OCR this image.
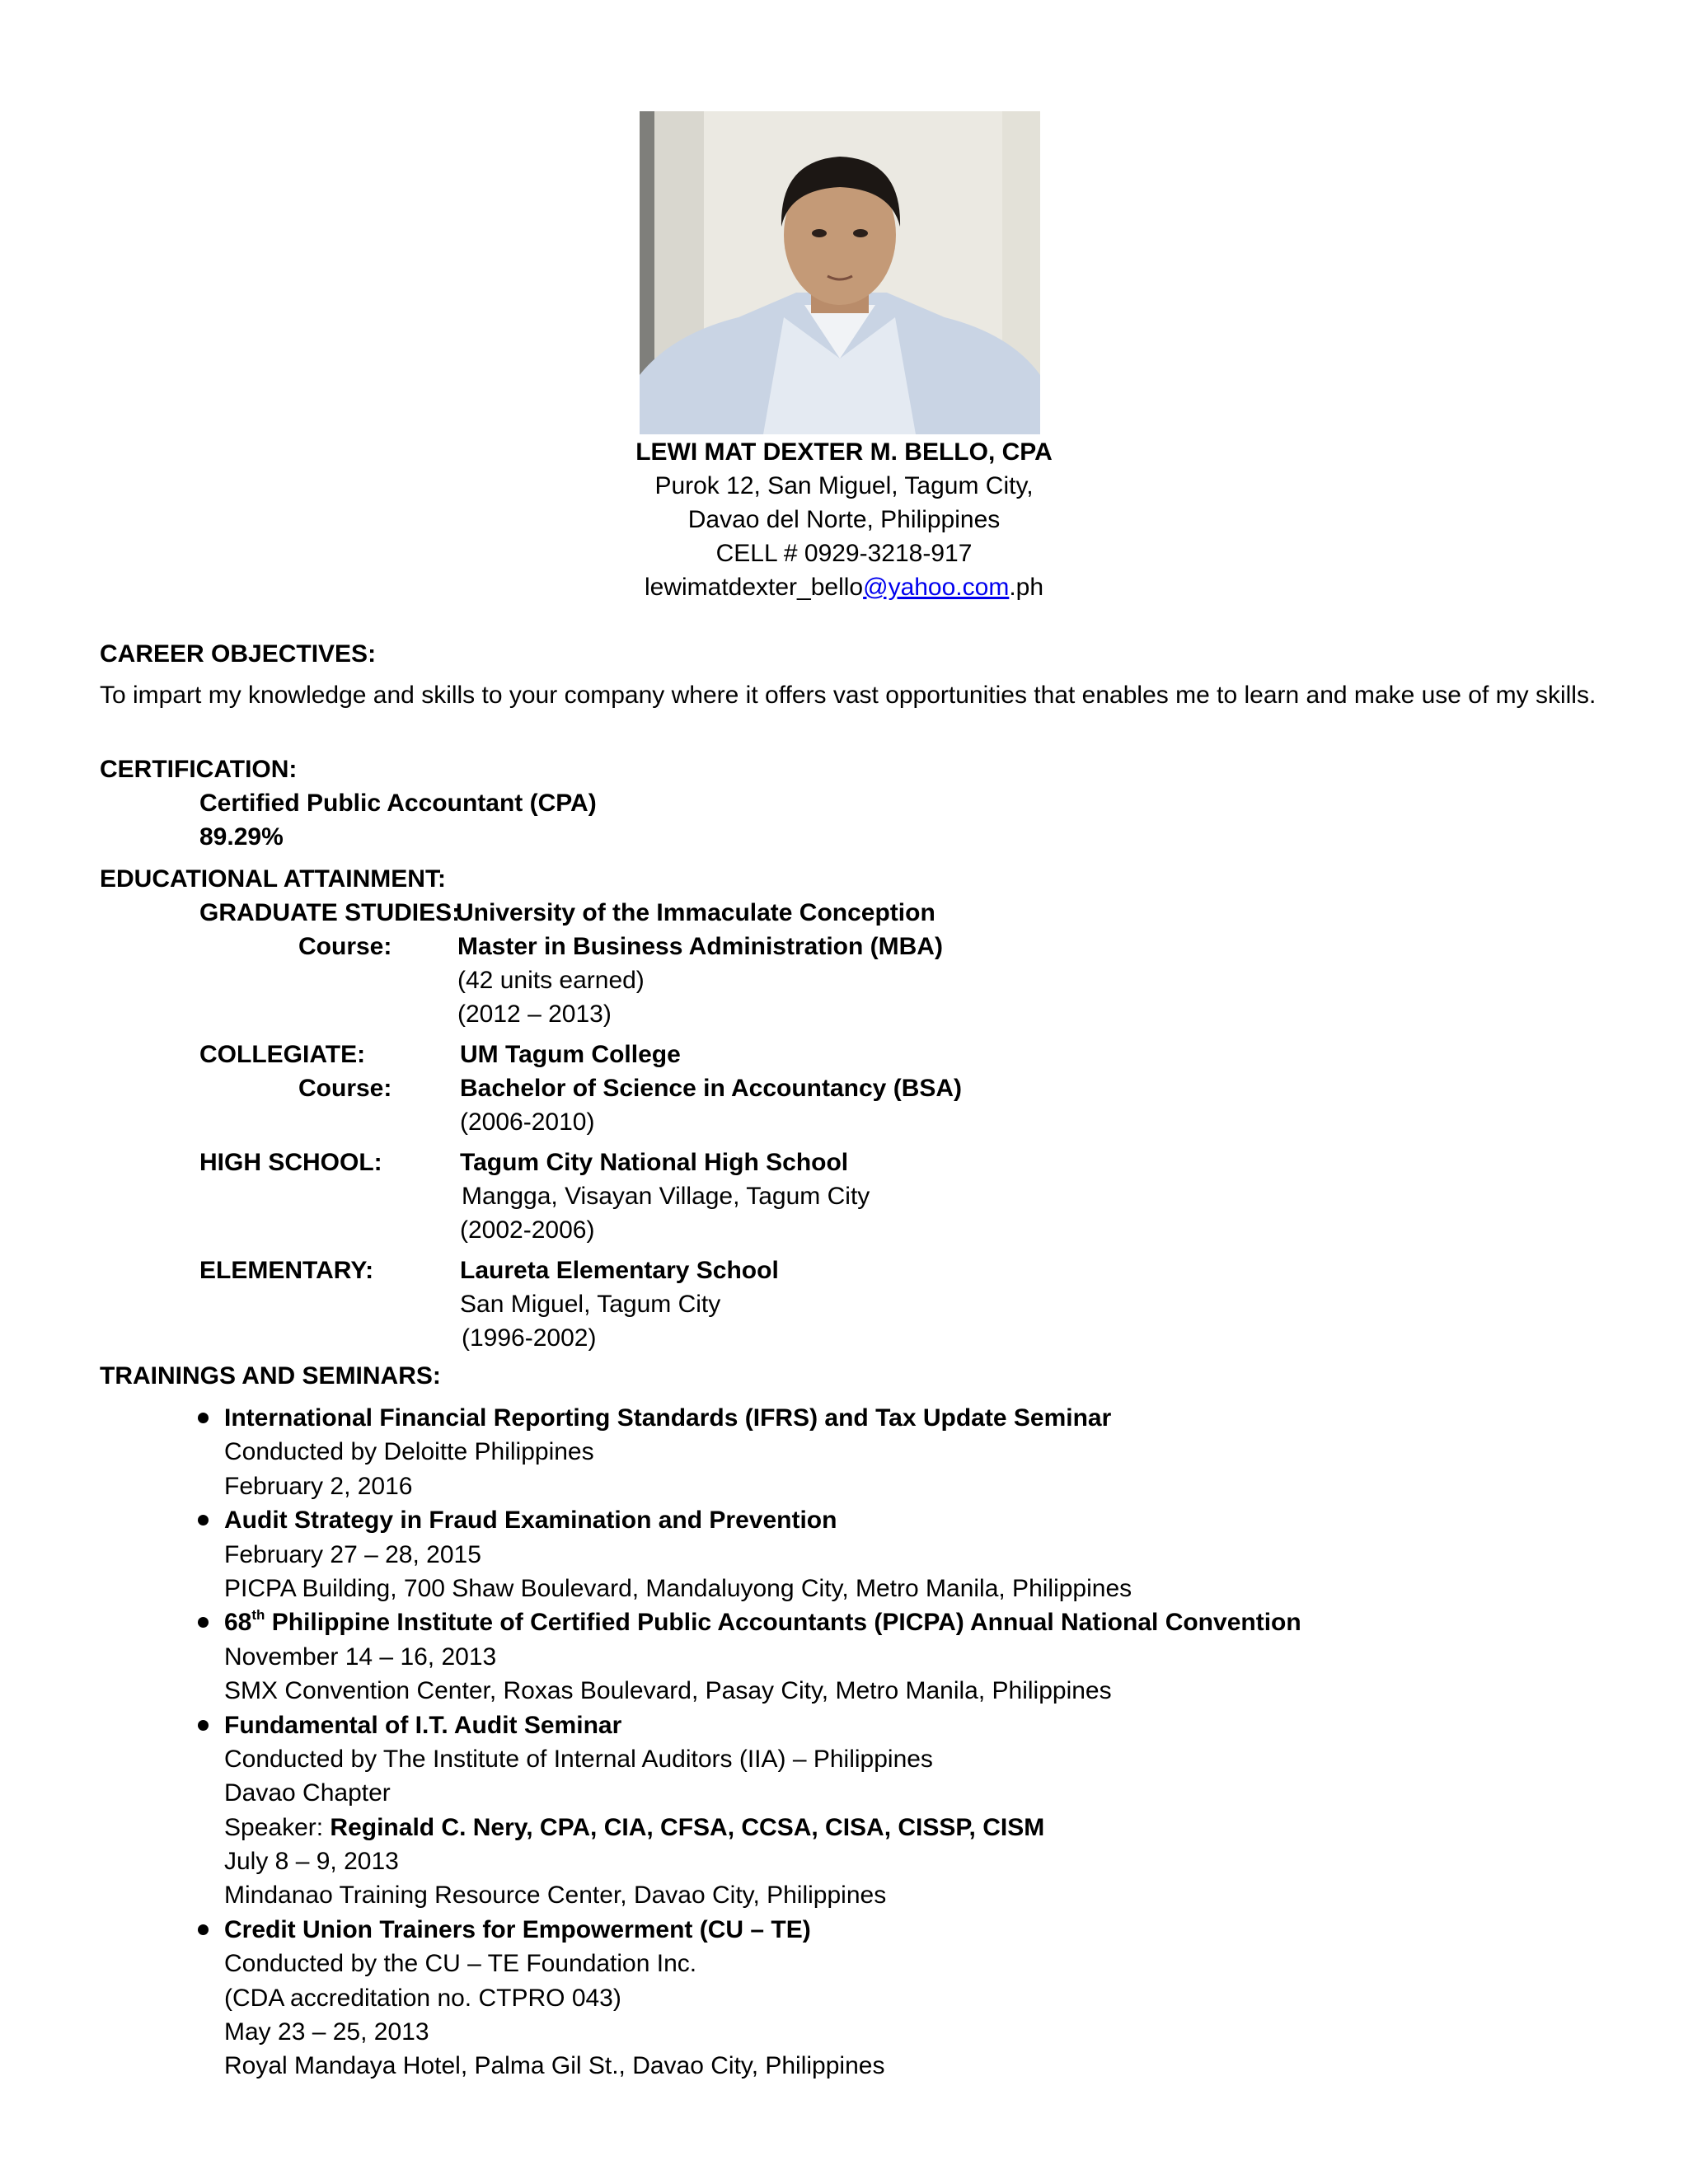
LEWI MAT DEXTER M. BELLO, CPA
Purok 12, San Miguel, Tagum City,
Davao del Norte, Philippines
CELL # 0929-3218-917
lewimatdexter_bello@yahoo.com.ph
CAREER OBJECTIVES:
To impart my knowledge and skills to your company where it offers vast opportunities that enables me to learn and make use of my skills.
CERTIFICATION:
Certified Public Accountant (CPA)
89.29%
EDUCATIONAL ATTAINMENT:
GRADUATE STUDIES:
University of the Immaculate Conception
Course:	Master in Business Administration (MBA)
(42 units earned)
(2012 – 2013)
COLLEGIATE:	UM Tagum College
Course:	Bachelor of Science in Accountancy (BSA)
(2006-2010)
HIGH SCHOOL:	Tagum City National High School
Mangga, Visayan Village, Tagum City
(2002-2006)
ELEMENTARY:	Laureta Elementary School
San Miguel, Tagum City
(1996-2002)
TRAININGS AND SEMINARS:
International Financial Reporting Standards (IFRS) and Tax Update Seminar
Conducted by Deloitte Philippines
February 2, 2016
Audit Strategy in Fraud Examination and Prevention
February 27 – 28, 2015
PICPA Building, 700 Shaw Boulevard, Mandaluyong City, Metro Manila, Philippines
68th Philippine Institute of Certified Public Accountants (PICPA) Annual National Convention
November 14 – 16, 2013
SMX Convention Center, Roxas Boulevard, Pasay City, Metro Manila, Philippines
Fundamental of I.T. Audit Seminar
Conducted by The Institute of Internal Auditors (IIA) – Philippines
Davao Chapter
Speaker: Reginald C. Nery, CPA, CIA, CFSA, CCSA, CISA, CISSP, CISM
July 8 – 9, 2013
Mindanao Training Resource Center, Davao City, Philippines
Credit Union Trainers for Empowerment (CU – TE)
Conducted by the CU – TE Foundation Inc.
(CDA accreditation no. CTPRO 043)
May 23 – 25, 2013
Royal Mandaya Hotel, Palma Gil St., Davao City, Philippines
